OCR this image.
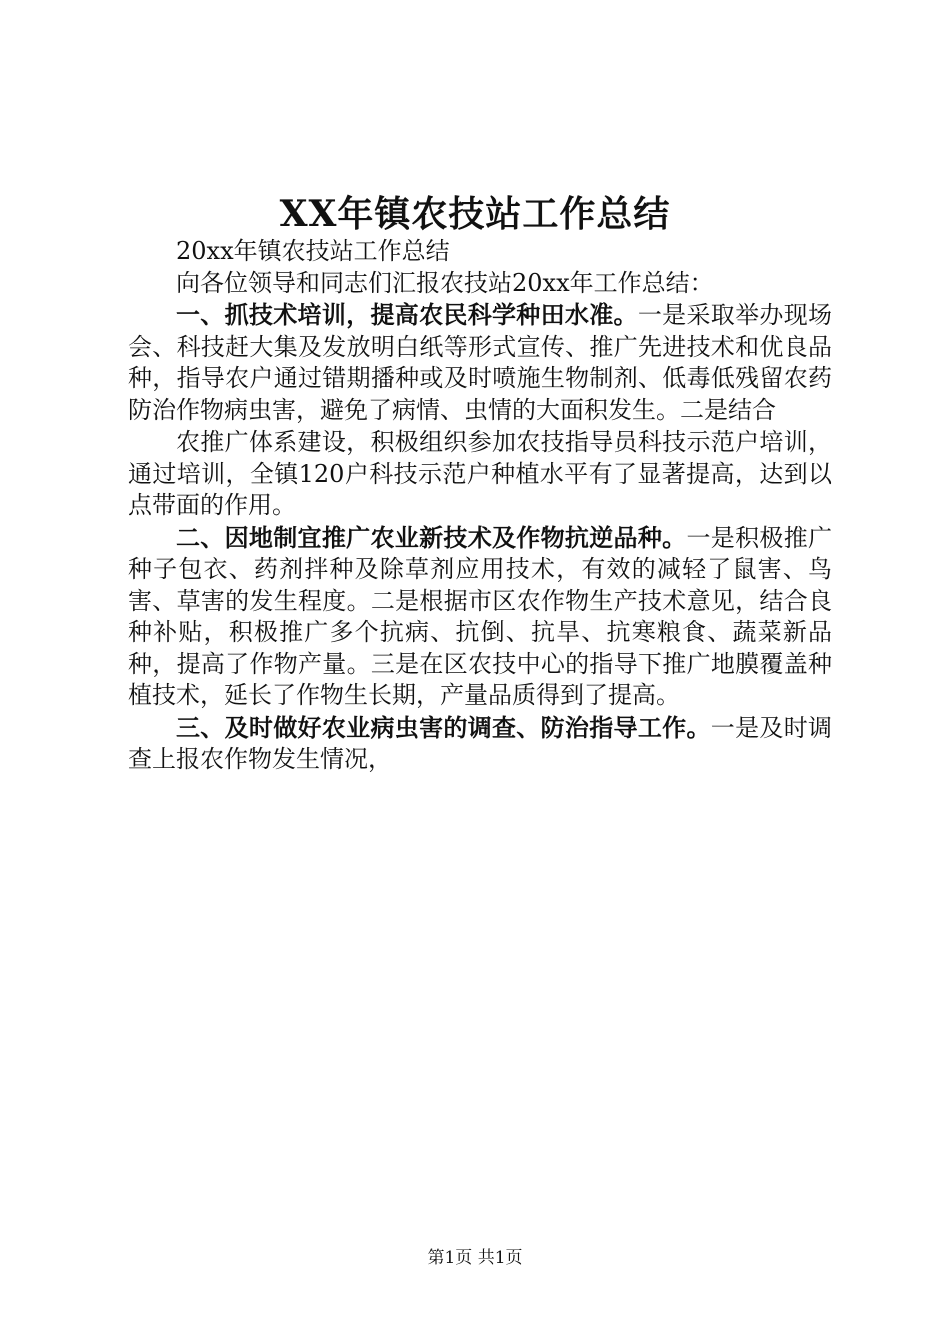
XX年镇农技站工作总结

20xx年镇农技站工作总结

向各位领导和同志们汇报农技站20xx年工作总结：

一、抓技术培训，提高农民科学种田水准。一是采取举办现场会、科技赶大集及发放明白纸等形式宣传、推广先进技术和优良品种，指导农户通过错期播种或及时喷施生物制剂、低毒低残留农药防治作物病虫害，避免了病情、虫情的大面积发生。二是结合

农推广体系建设，积极组织参加农技指导员科技示范户培训，通过培训，全镇120户科技示范户种植水平有了显著提高，达到以点带面的作用。

二、因地制宜推广农业新技术及作物抗逆品种。一是积极推广种子包衣、药剂拌种及除草剂应用技术，有效的减轻了鼠害、鸟害、草害的发生程度。二是根据市区农作物生产技术意见，结合良种补贴，积极推广多个抗病、抗倒、抗旱、抗寒粮食、蔬菜新品种，提高了作物产量。三是在区农技中心的指导下推广地膜覆盖种植技术，延长了作物生长期，产量品质得到了提高。

三、及时做好农业病虫害的调查、防治指导工作。一是及时调查上报农作物发生情况，

第1页 共1页
